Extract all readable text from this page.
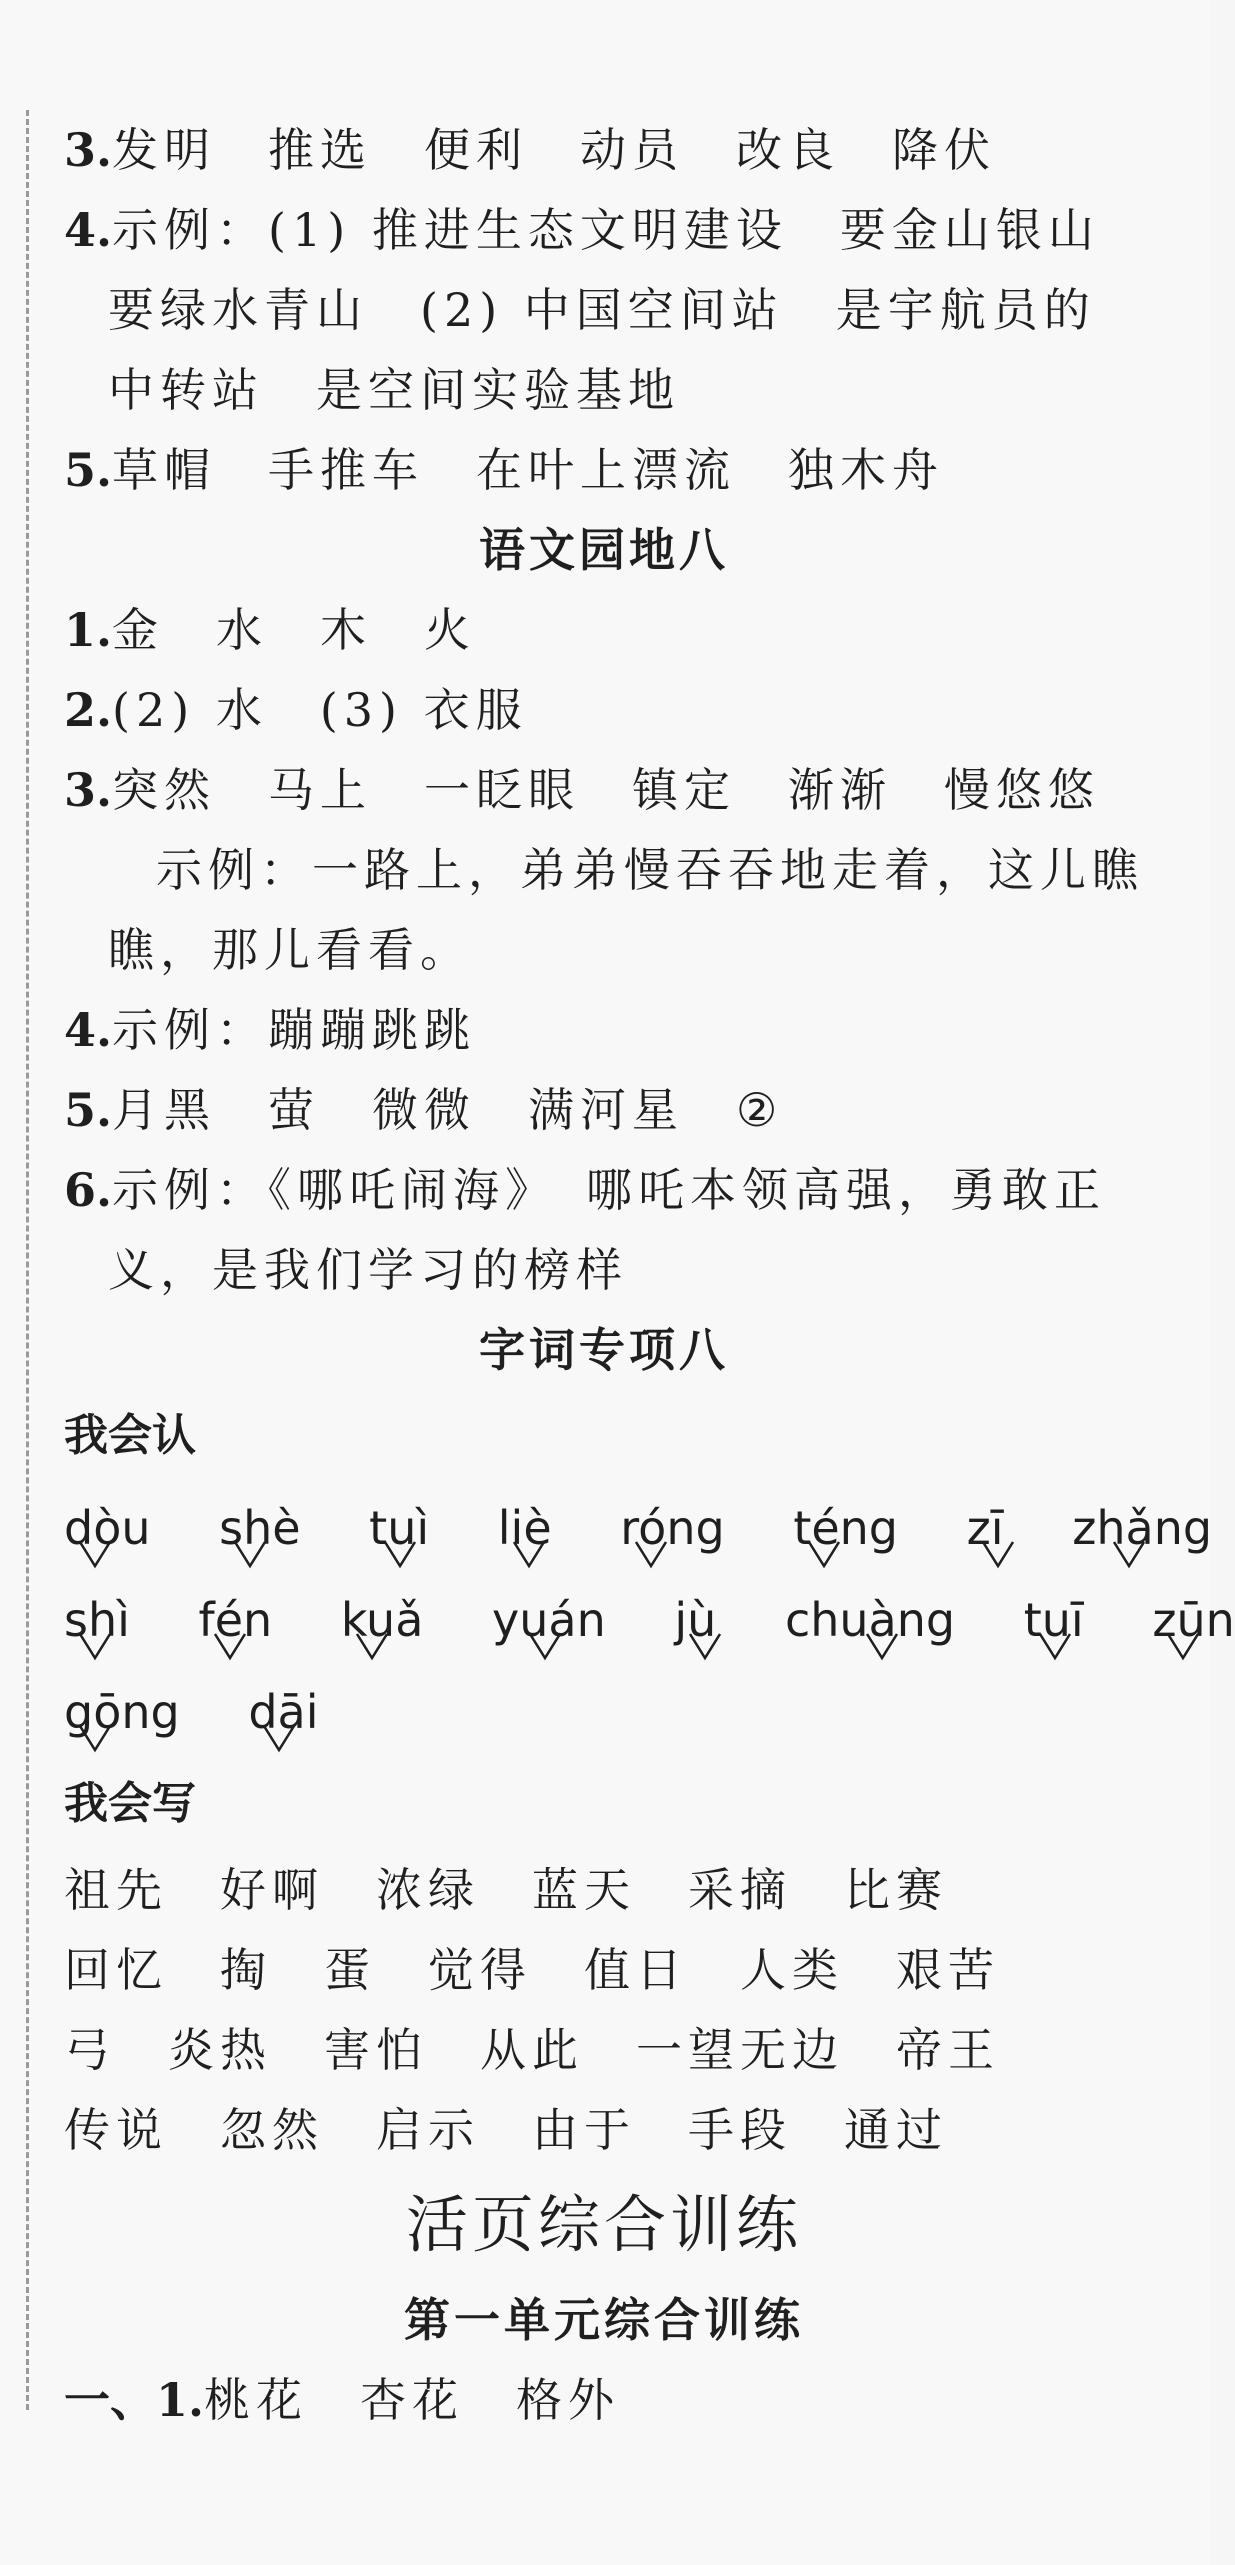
3.发明 推选 便利 动员 改良 降伏
4.示例：(1) 推进生态文明建设　要金山银山
要绿水青山　(2) 中国空间站　是宇航员的
中转站　是空间实验基地
5.草帽 手推车 在叶上漂流 独木舟
语文园地八
1.金 水 木 火
2.(2) 水　(3) 衣服
3.突然 马上 一眨眼 镇定 渐渐 慢悠悠
示例：一路上，弟弟慢吞吞地走着，这儿瞧
瞧，那儿看看。
4.示例：蹦蹦跳跳
5.月黑 萤 微微 满河星 ②
6.示例：《哪吒闹海》　哪吒本领高强，勇敢正
义，是我们学习的榜样
字词专项八
我会认
dòu shè tuì liè róng téng zī zhǎng
shì fén kuǎ yuán jù chuàng tuī zūn
gōng dāi
我会写
祖先 好啊 浓绿 蓝天 采摘 比赛
回忆 掏 蛋 觉得 值日 人类 艰苦
弓 炎热 害怕 从此 一望无边 帝王
传说 忽然 启示 由于 手段 通过
活页综合训练
第一单元综合训练
一、1.桃花 杏花 格外
